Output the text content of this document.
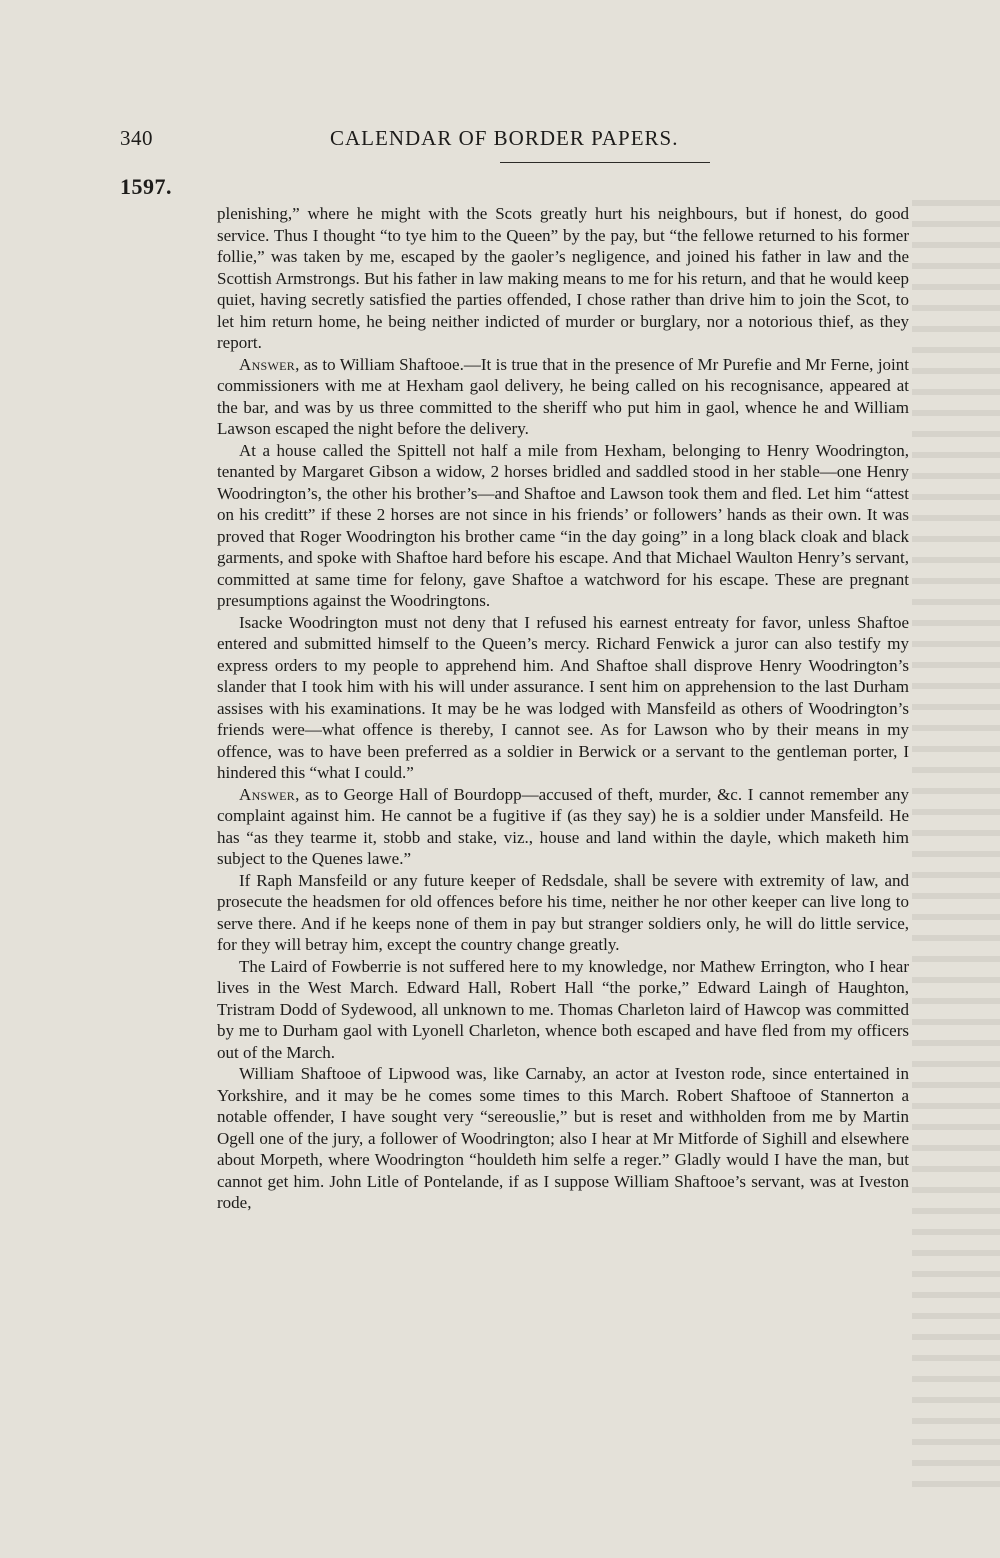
340	CALENDAR OF BORDER PAPERS.
1597.

plenishing,” where he might with the Scots greatly hurt his neighbours, but if honest, do good service. Thus I thought “to tye him to the Queen” by the pay, but “the fellowe returned to his former follie,” was taken by me, escaped by the gaoler’s negligence, and joined his father in law and the Scottish Armstrongs. But his father in law making means to me for his return, and that he would keep quiet, having secretly satisfied the parties offended, I chose rather than drive him to join the Scot, to let him return home, he being neither indicted of murder or burglary, nor a notorious thief, as they report.

Answer, as to William Shaftooe.—It is true that in the presence of Mr Purefie and Mr Ferne, joint commissioners with me at Hexham gaol delivery, he being called on his recognisance, appeared at the bar, and was by us three committed to the sheriff who put him in gaol, whence he and William Lawson escaped the night before the delivery.

At a house called the Spittell not half a mile from Hexham, belonging to Henry Woodrington, tenanted by Margaret Gibson a widow, 2 horses bridled and saddled stood in her stable—one Henry Woodrington’s, the other his brother’s—and Shaftoe and Lawson took them and fled. Let him “attest on his creditt” if these 2 horses are not since in his friends’ or followers’ hands as their own. It was proved that Roger Woodrington his brother came “in the day going” in a long black cloak and black garments, and spoke with Shaftoe hard before his escape. And that Michael Waulton Henry’s servant, committed at same time for felony, gave Shaftoe a watchword for his escape. These are pregnant presumptions against the Woodringtons.

Isacke Woodrington must not deny that I refused his earnest entreaty for favor, unless Shaftoe entered and submitted himself to the Queen’s mercy. Richard Fenwick a juror can also testify my express orders to my people to apprehend him. And Shaftoe shall disprove Henry Woodrington’s slander that I took him with his will under assurance. I sent him on apprehension to the last Durham assises with his examinations. It may be he was lodged with Mansfeild as others of Woodrington’s friends were—what offence is thereby, I cannot see. As for Lawson who by their means in my offence, was to have been preferred as a soldier in Berwick or a servant to the gentleman porter, I hindered this “what I could.”

Answer, as to George Hall of Bourdopp—accused of theft, murder, &c. I cannot remember any complaint against him. He cannot be a fugitive if (as they say) he is a soldier under Mansfeild. He has “as they tearme it, stobb and stake, viz., house and land within the dayle, which maketh him subject to the Quenes lawe.”

If Raph Mansfeild or any future keeper of Redsdale, shall be severe with extremity of law, and prosecute the headsmen for old offences before his time, neither he nor other keeper can live long to serve there. And if he keeps none of them in pay but stranger soldiers only, he will do little service, for they will betray him, except the country change greatly.

The Laird of Fowberrie is not suffered here to my knowledge, nor Mathew Errington, who I hear lives in the West March. Edward Hall, Robert Hall “the porke,” Edward Laingh of Haughton, Tristram Dodd of Sydewood, all unknown to me. Thomas Charleton laird of Hawcop was committed by me to Durham gaol with Lyonell Charleton, whence both escaped and have fled from my officers out of the March.

William Shaftooe of Lipwood was, like Carnaby, an actor at Iveston rode, since entertained in Yorkshire, and it may be he comes some times to this March. Robert Shaftooe of Stannerton a notable offender, I have sought very “sereouslie,” but is reset and withholden from me by Martin Ogell one of the jury, a follower of Woodrington; also I hear at Mr Mitforde of Sighill and elsewhere about Morpeth, where Woodrington “houldeth him selfe a reger.” Gladly would I have the man, but cannot get him. John Litle of Pontelande, if as I suppose William Shaftooe’s servant, was at Iveston rode,
